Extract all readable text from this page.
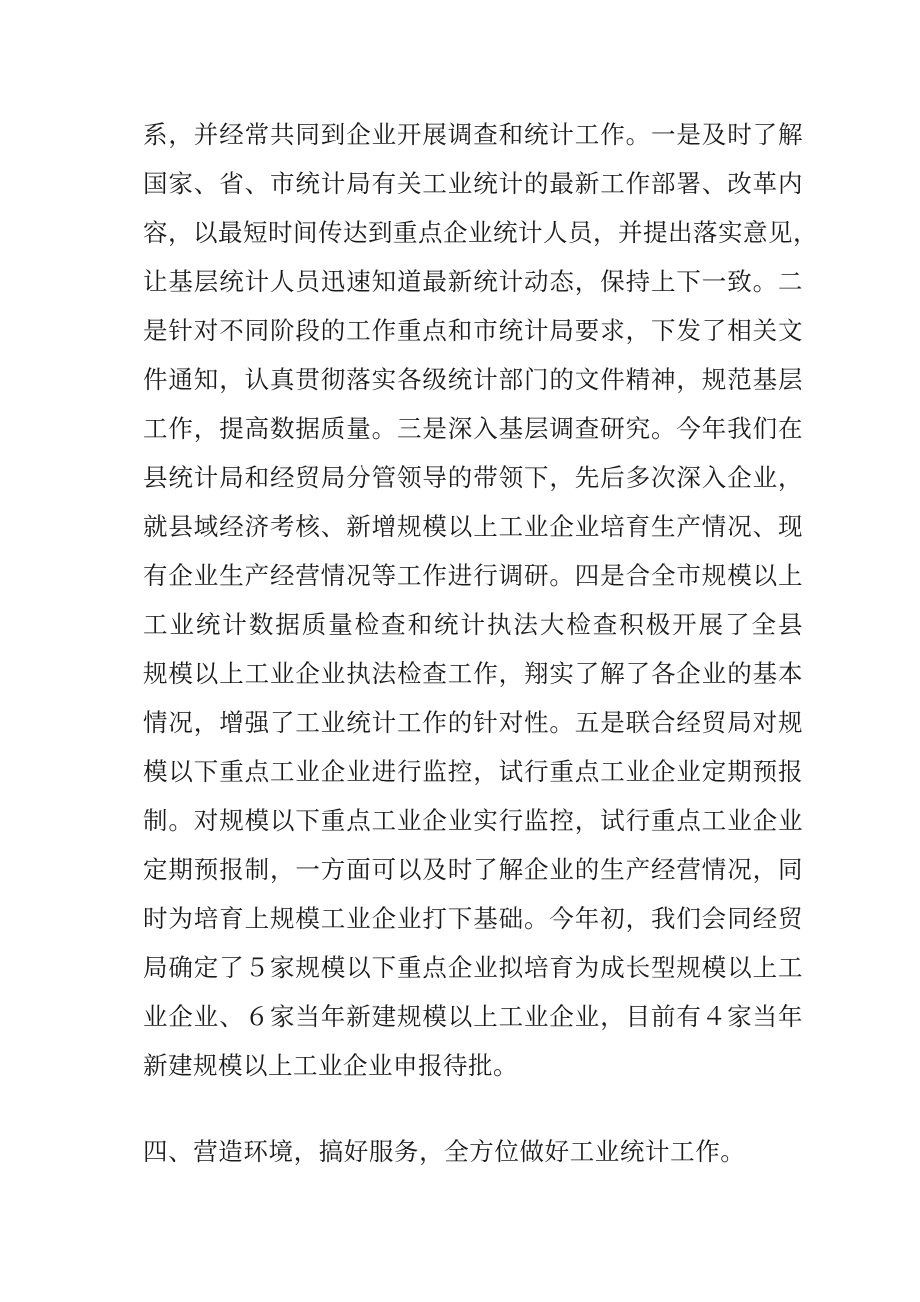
系，并经常共同到企业开展调查和统计工作。一是及时了解
国家、省、市统计局有关工业统计的最新工作部署、改革内
容，以最短时间传达到重点企业统计人员，并提出落实意见，
让基层统计人员迅速知道最新统计动态，保持上下一致。二
是针对不同阶段的工作重点和市统计局要求，下发了相关文
件通知，认真贯彻落实各级统计部门的文件精神，规范基层
工作，提高数据质量。三是深入基层调查研究。今年我们在
县统计局和经贸局分管领导的带领下，先后多次深入企业，
就县域经济考核、新增规模以上工业企业培育生产情况、现
有企业生产经营情况等工作进行调研。四是合全市规模以上
工业统计数据质量检查和统计执法大检查积极开展了全县
规模以上工业企业执法检查工作，翔实了解了各企业的基本
情况，增强了工业统计工作的针对性。五是联合经贸局对规
模以下重点工业企业进行监控，试行重点工业企业定期预报
制。对规模以下重点工业企业实行监控，试行重点工业企业
定期预报制，一方面可以及时了解企业的生产经营情况，同
时为培育上规模工业企业打下基础。今年初，我们会同经贸
局确定了５家规模以下重点企业拟培育为成长型规模以上工
业企业、６家当年新建规模以上工业企业，目前有４家当年
新建规模以上工业企业申报待批。
四、营造环境，搞好服务，全方位做好工业统计工作。
